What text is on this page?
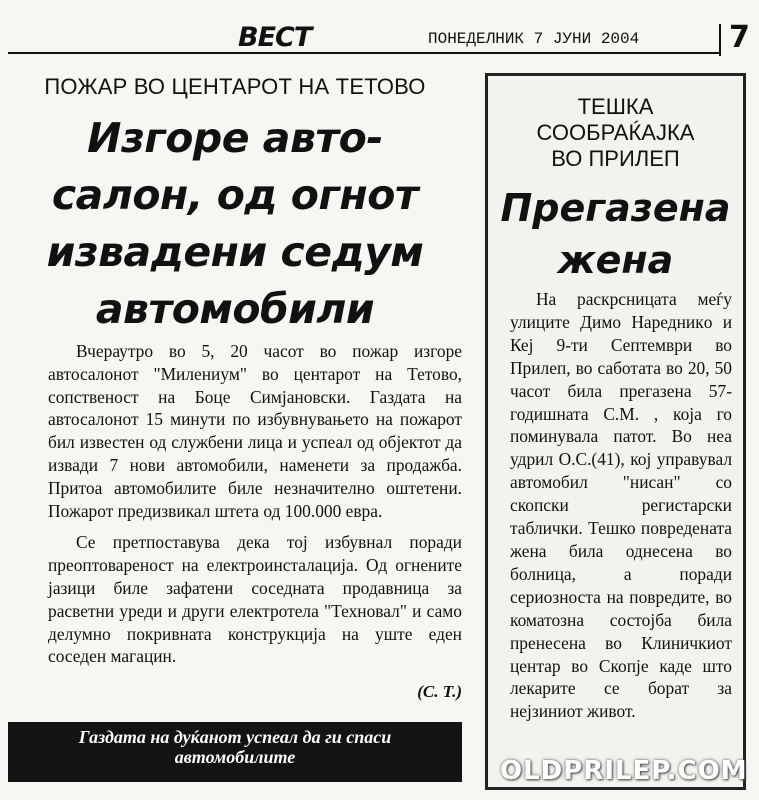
ВЕСТ	ПОНЕДЕЛНИК 7 ЈУНИ 2004	7
ПОЖАР ВО ЦЕНТАРОТ НА ТЕТОВО
Изгоре авто-
салон, од огнот
извадени седум
автомобили

Вчераутро во 5, 20 часот во пожар изгоре автосалонот "Милениум" во центарот на Тетово, сопственост на Боце Симјановски. Газдата на автосалонот 15 минути по избувнувањето на пожарот бил известен од службени лица и успеал од објектот да извади 7 нови автомобили, наменети за продажба. Притоа автомобилите биле незначително оштетени. Пожарот предизвикал штета од 100.000 евра.

Се претпоставува дека тој избувнал поради преоптовареност на електроинсталација. Од огнените јазици биле зафатени соседната продавница за расветни уреди и други електротела "Техновал" и само делумно покривната конструкција на уште еден соседен магацин.

(С. Т.)
Газдата на дуќанот успеал да ги спаси
автомобилите
ТЕШКА
СООБРАЌАЈКА
ВО ПРИЛЕП
Прегазена
жена

На раскрсницата меѓу улиците Димо Наредникo и Кеј 9-ти Септември во Прилеп, во саботата во 20, 50 часот била прегазена 57-годишната С.М. , која го поминувала патот. Во неа удрил О.С.(41), кој управувал автомобил "нисан" со скопски регистарски таблички. Тешко повредената жена била однесена во болница, а поради сериозноста на повредите, во коматозна состојба била пренесена во Клиничкиот центар во Скопје каде што лекарите се борат за нејзиниот живот.

OLDPRILEP.COM
